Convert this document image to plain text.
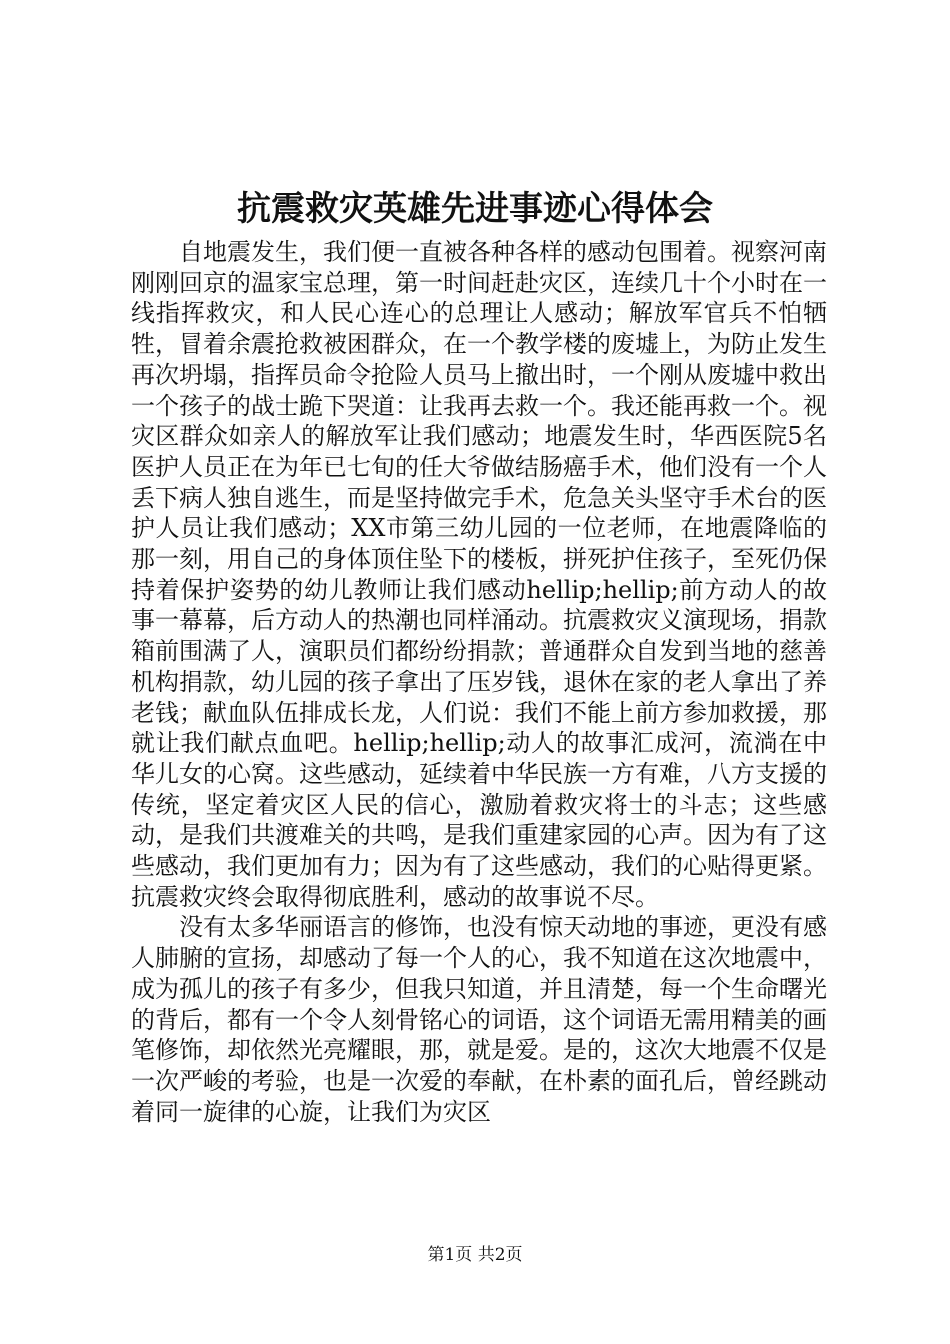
抗震救灾英雄先进事迹心得体会

自地震发生，我们便一直被各种各样的感动包围着。视察河南刚刚回京的温家宝总理，第一时间赶赴灾区，连续几十个小时在一线指挥救灾，和人民心连心的总理让人感动；解放军官兵不怕牺牲，冒着余震抢救被困群众，在一个教学楼的废墟上，为防止发生再次坍塌，指挥员命令抢险人员马上撤出时，一个刚从废墟中救出一个孩子的战士跪下哭道：让我再去救一个。我还能再救一个。视灾区群众如亲人的解放军让我们感动；地震发生时，华西医院5名医护人员正在为年已七旬的任大爷做结肠癌手术，他们没有一个人丢下病人独自逃生，而是坚持做完手术，危急关头坚守手术台的医护人员让我们感动；XX市第三幼儿园的一位老师，在地震降临的那一刻，用自己的身体顶住坠下的楼板，拼死护住孩子，至死仍保持着保护姿势的幼儿教师让我们感动hellip;hellip;前方动人的故事一幕幕，后方动人的热潮也同样涌动。抗震救灾义演现场，捐款箱前围满了人，演职员们都纷纷捐款；普通群众自发到当地的慈善机构捐款，幼儿园的孩子拿出了压岁钱，退休在家的老人拿出了养老钱；献血队伍排成长龙，人们说：我们不能上前方参加救援，那就让我们献点血吧。hellip;hellip;动人的故事汇成河，流淌在中华儿女的心窝。这些感动，延续着中华民族一方有难，八方支援的传统，坚定着灾区人民的信心，激励着救灾将士的斗志；这些感动，是我们共渡难关的共鸣，是我们重建家园的心声。因为有了这些感动，我们更加有力；因为有了这些感动，我们的心贴得更紧。抗震救灾终会取得彻底胜利，感动的故事说不尽。

没有太多华丽语言的修饰，也没有惊天动地的事迹，更没有感人肺腑的宣扬，却感动了每一个人的心，我不知道在这次地震中，成为孤儿的孩子有多少，但我只知道，并且清楚，每一个生命曙光的背后，都有一个令人刻骨铭心的词语，这个词语无需用精美的画笔修饰，却依然光亮耀眼，那，就是爱。是的，这次大地震不仅是一次严峻的考验，也是一次爱的奉献，在朴素的面孔后，曾经跳动着同一旋律的心旋，让我们为灾区

第1页 共2页
